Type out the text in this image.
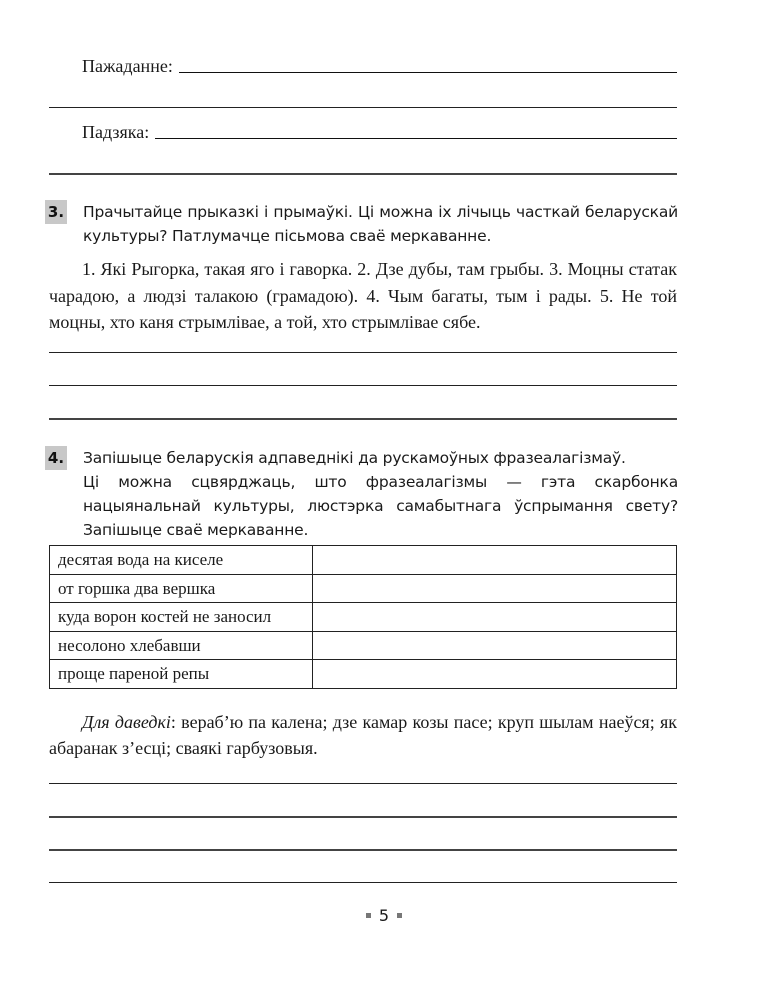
Пажаданне:
Падзяка:
3. Прачытайце прыказкі і прымаўкі. Ці можна іх лічыць часткай беларускай культуры? Патлумачце пісьмова сваё меркаванне.
1. Які Рыгорка, такая яго і гаворка. 2. Дзе дубы, там грыбы. 3. Моцны статак чарадою, а людзі талакою (грамадою). 4. Чым багаты, тым і рады. 5. Не той моцны, хто каня стрымлівае, а той, хто стрымлівае сябе.
4. Запішыце беларускія адпаведнікі да рускамоўных фразеалагізмаў.
Ці можна сцвярджаць, што фразеалагізмы — гэта скарбонка нацыянальнай культуры, люстэрка самабытнага ўспрымання свету? Запішыце сваё меркаванне.
десятая вода на киселе	
от горшка два вершка	
куда ворон костей не заносил	
несолоно хлебавши	
проще пареной репы	
Для даведкі: вераб’ю па калена; дзе камар козы пасе; круп шылам наеўся; як абаранак з’есці; сваякі гарбузовыя.
5
